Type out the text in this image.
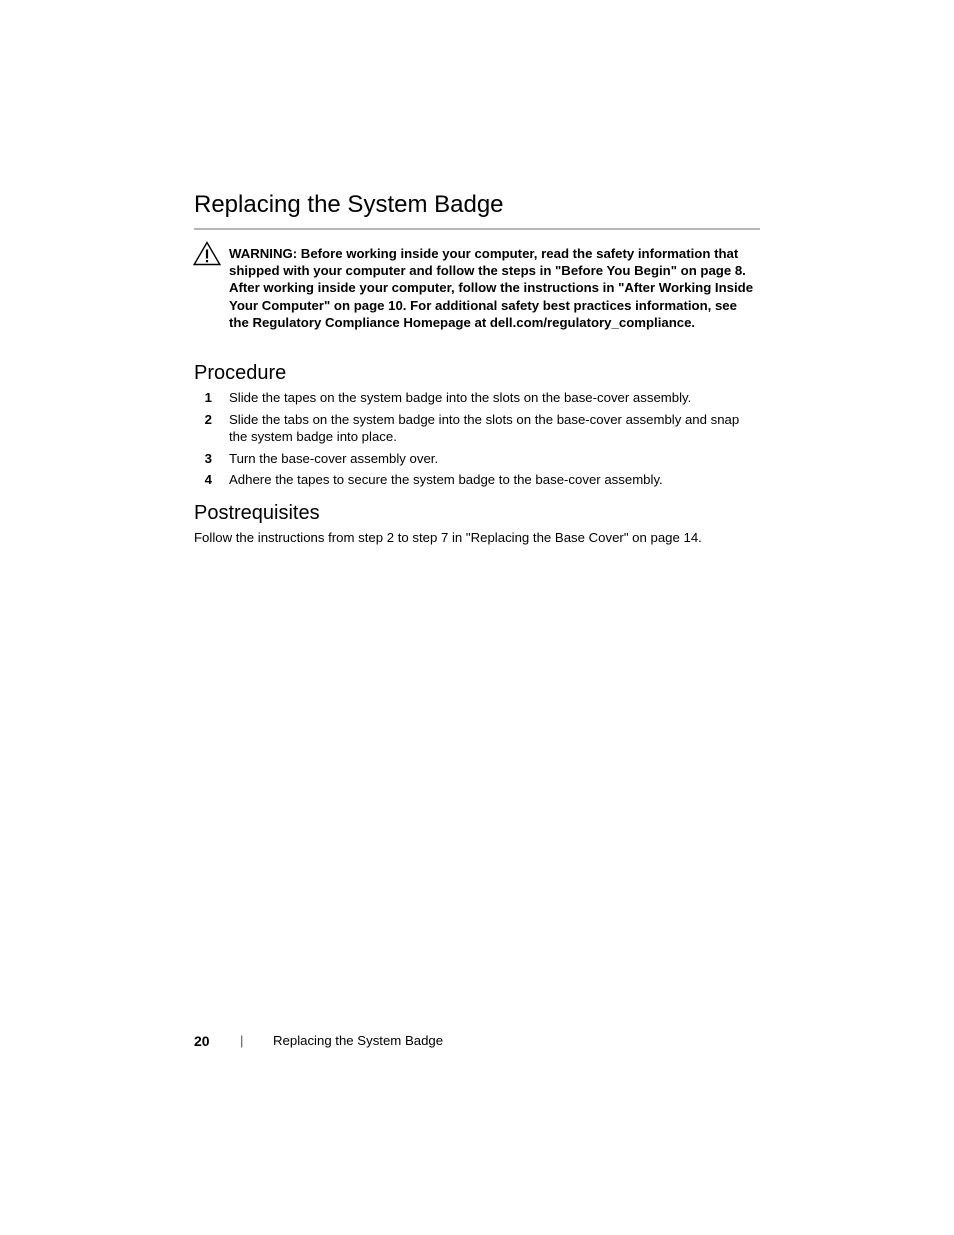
Replacing the System Badge

WARNING: Before working inside your computer, read the safety information that shipped with your computer and follow the steps in "Before You Begin" on page 8. After working inside your computer, follow the instructions in "After Working Inside Your Computer" on page 10. For additional safety best practices information, see the Regulatory Compliance Homepage at dell.com/regulatory_compliance.

Procedure
1 Slide the tapes on the system badge into the slots on the base-cover assembly.
2 Slide the tabs on the system badge into the slots on the base-cover assembly and snap the system badge into place.
3 Turn the base-cover assembly over.
4 Adhere the tapes to secure the system badge to the base-cover assembly.
Postrequisites

Follow the instructions from step 2 to step 7 in "Replacing the Base Cover" on page 14.

20 | Replacing the System Badge
